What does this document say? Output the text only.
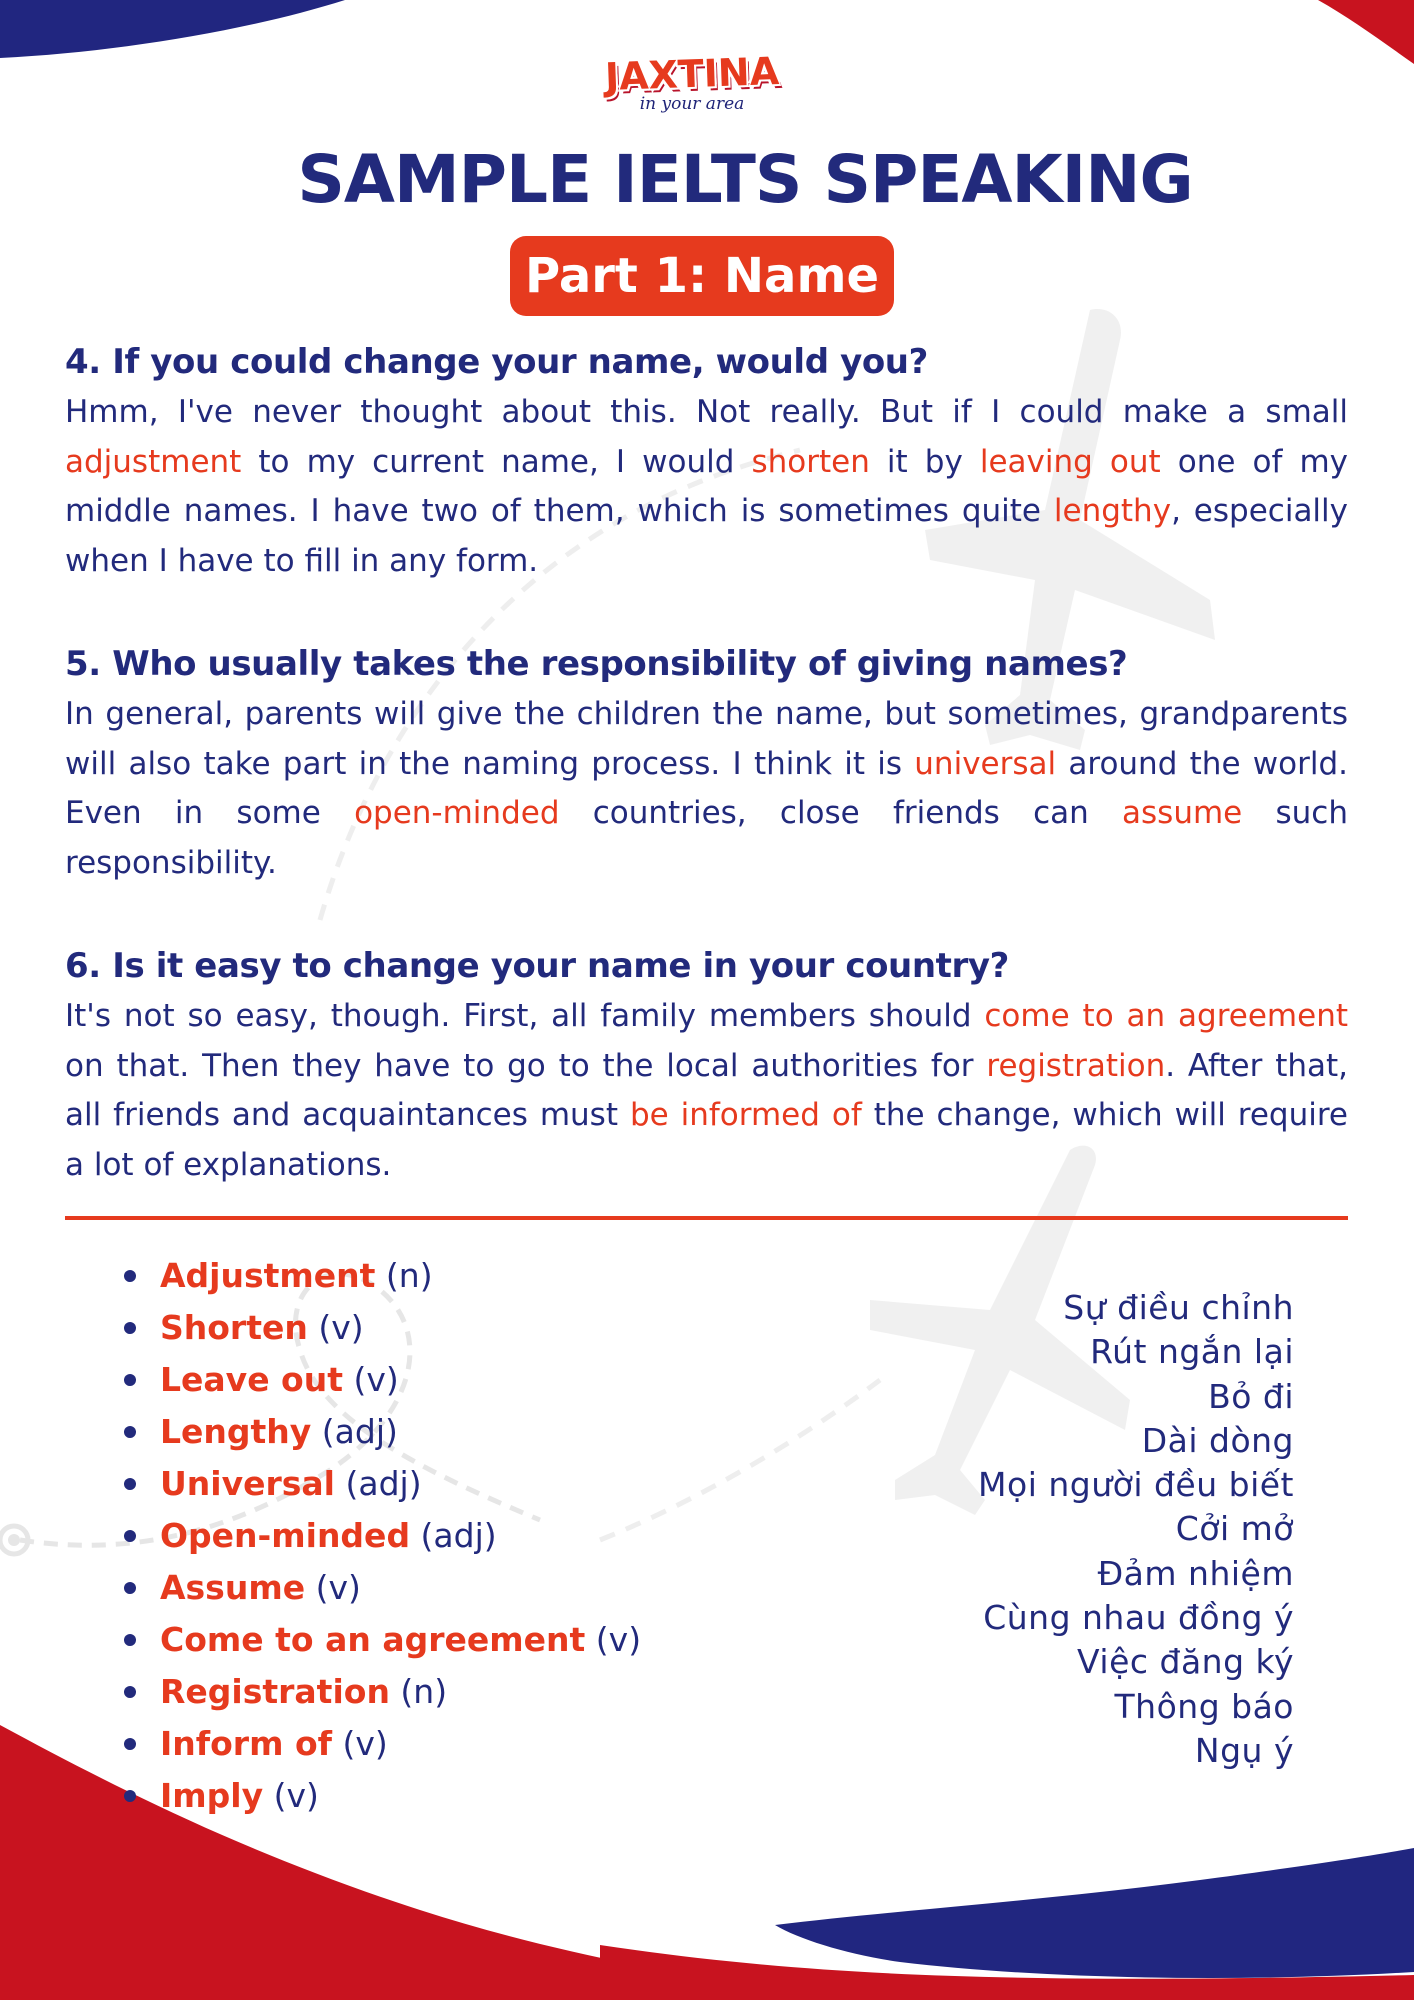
JAXTINA
in your area
SAMPLE IELTS SPEAKING
Part 1: Name

4. If you could change your name, would you?

Hmm, I've never thought about this. Not really. But if I could make a small adjustment to my current name, I would shorten it by leaving out one of my middle names. I have two of them, which is sometimes quite lengthy, especially when I have to fill in any form.

5. Who usually takes the responsibility of giving names?

In general, parents will give the children the name, but sometimes, grandparents will also take part in the naming process. I think it is universal around the world. Even in some open-minded countries, close friends can assume such responsibility.

6. Is it easy to change your name in your country?

It's not so easy, though. First, all family members should come to an agreement on that. Then they have to go to the local authorities for registration. After that, all friends and acquaintances must be informed of the change, which will require a lot of explanations.

Adjustment (n)
Shorten (v)
Leave out (v)
Lengthy (adj)
Universal (adj)
Open-minded (adj)
Assume (v)
Come to an agreement (v)
Registration (n)
Inform of (v)
Imply (v)
Sự điều chỉnh
Rút ngắn lại
Bỏ đi
Dài dòng
Mọi người đều biết
Cởi mở
Đảm nhiệm
Cùng nhau đồng ý
Việc đăng ký
Thông báo
Ngụ ý
